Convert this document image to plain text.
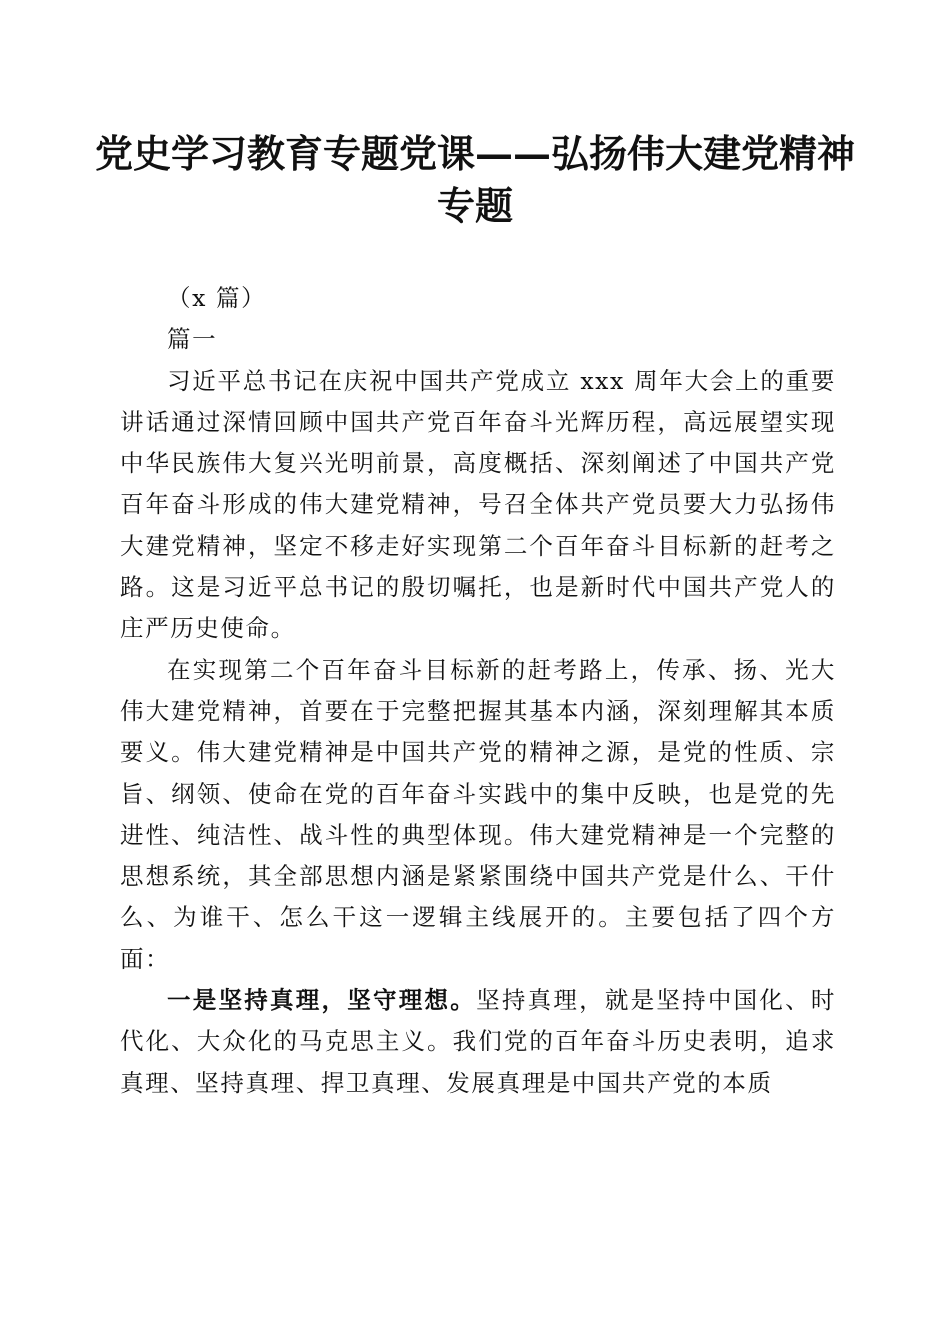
党史学习教育专题党课——弘扬伟大建党精神
专题

（x 篇）

篇一

习近平总书记在庆祝中国共产党成立 xxx 周年大会上的重要讲话通过深情回顾中国共产党百年奋斗光辉历程，高远展望实现中华民族伟大复兴光明前景，高度概括、深刻阐述了中国共产党百年奋斗形成的伟大建党精神，号召全体共产党员要大力弘扬伟大建党精神，坚定不移走好实现第二个百年奋斗目标新的赶考之路。这是习近平总书记的殷切嘱托，也是新时代中国共产党人的庄严历史使命。

在实现第二个百年奋斗目标新的赶考路上，传承、扬、光大伟大建党精神，首要在于完整把握其基本内涵，深刻理解其本质要义。伟大建党精神是中国共产党的精神之源，是党的性质、宗旨、纲领、使命在党的百年奋斗实践中的集中反映，也是党的先进性、纯洁性、战斗性的典型体现。伟大建党精神是一个完整的思想系统，其全部思想内涵是紧紧围绕中国共产党是什么、干什么、为谁干、怎么干这一逻辑主线展开的。主要包括了四个方面：

一是坚持真理，坚守理想。坚持真理，就是坚持中国化、时代化、大众化的马克思主义。我们党的百年奋斗历史表明，追求真理、坚持真理、捍卫真理、发展真理是中国共产党的本质
